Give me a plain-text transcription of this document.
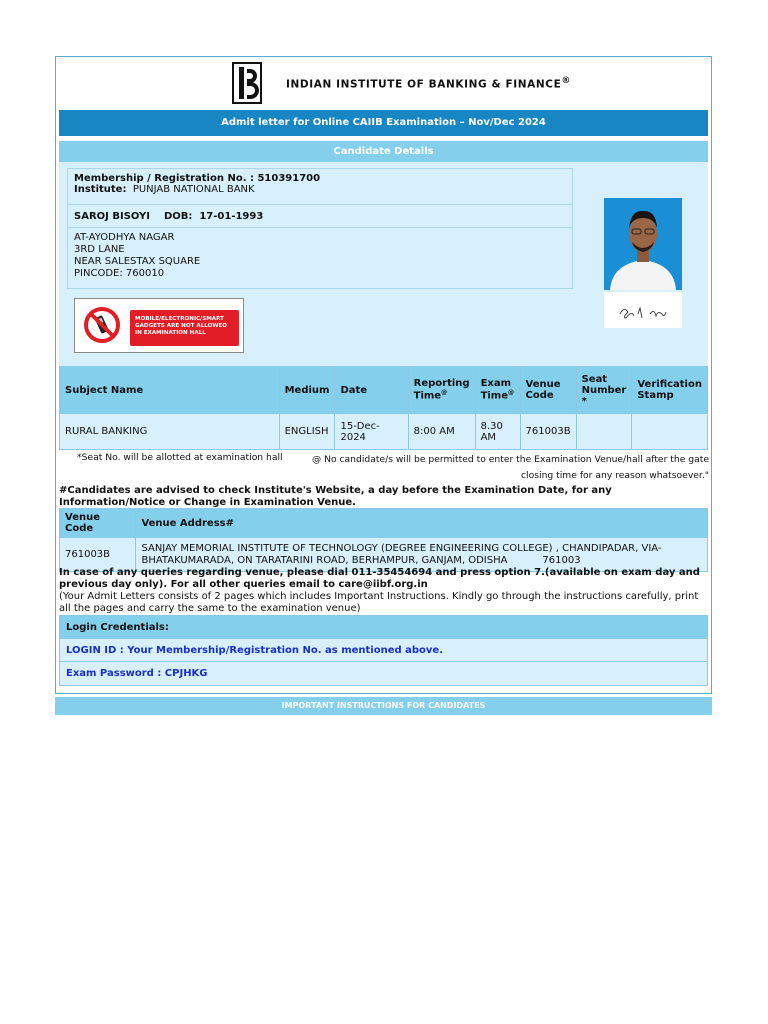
INDIAN INSTITUTE OF BANKING & FINANCE®
Admit letter for Online CAIIB Examination – Nov/Dec 2024
Candidate Details
Membership / Registration No. : 510391700
Institute: PUNJAB NATIONAL BANK
SAROJ BISOYI DOB: 17-01-1993
AT-AYODHYA NAGAR
3RD LANE
NEAR SALESTAX SQUARE
PINCODE: 760010
MOBILE/ELECTRONIC/SMART GADGETS ARE NOT ALLOWED IN EXAMINATION HALL
Subject Name	Medium	Date	Reporting Time@	Exam Time@	Venue Code	Seat Number *	Verification Stamp
RURAL BANKING	ENGLISH	15-Dec-2024	8:00 AM	8.30 AM	761003B		
*Seat No. will be allotted at examination hall	@ No candidate/s will be permitted to enter the Examination Venue/hall after the gate closing time for any reason whatsoever."
#Candidates are advised to check Institute's Website, a day before the Examination Date, for any Information/Notice or Change in Examination Venue.
Venue Code	Venue Address#
761003B	SANJAY MEMORIAL INSTITUTE OF TECHNOLOGY (DEGREE ENGINEERING COLLEGE) , CHANDIPADAR, VIA-BHATAKUMARADA, ON TARATARINI ROAD, BERHAMPUR, GANJAM, ODISHA           761003
In case of any queries regarding venue, please dial 011-35454694 and press option 7.(available on exam day and previous day only). For all other queries email to care@iibf.org.in
(Your Admit Letters consists of 2 pages which includes Important Instructions. Kindly go through the instructions carefully, print all the pages and carry the same to the examination venue)
Login Credentials:
LOGIN ID : Your Membership/Registration No. as mentioned above.
Exam Password : CPJHKG
IMPORTANT INSTRUCTIONS FOR CANDIDATES
